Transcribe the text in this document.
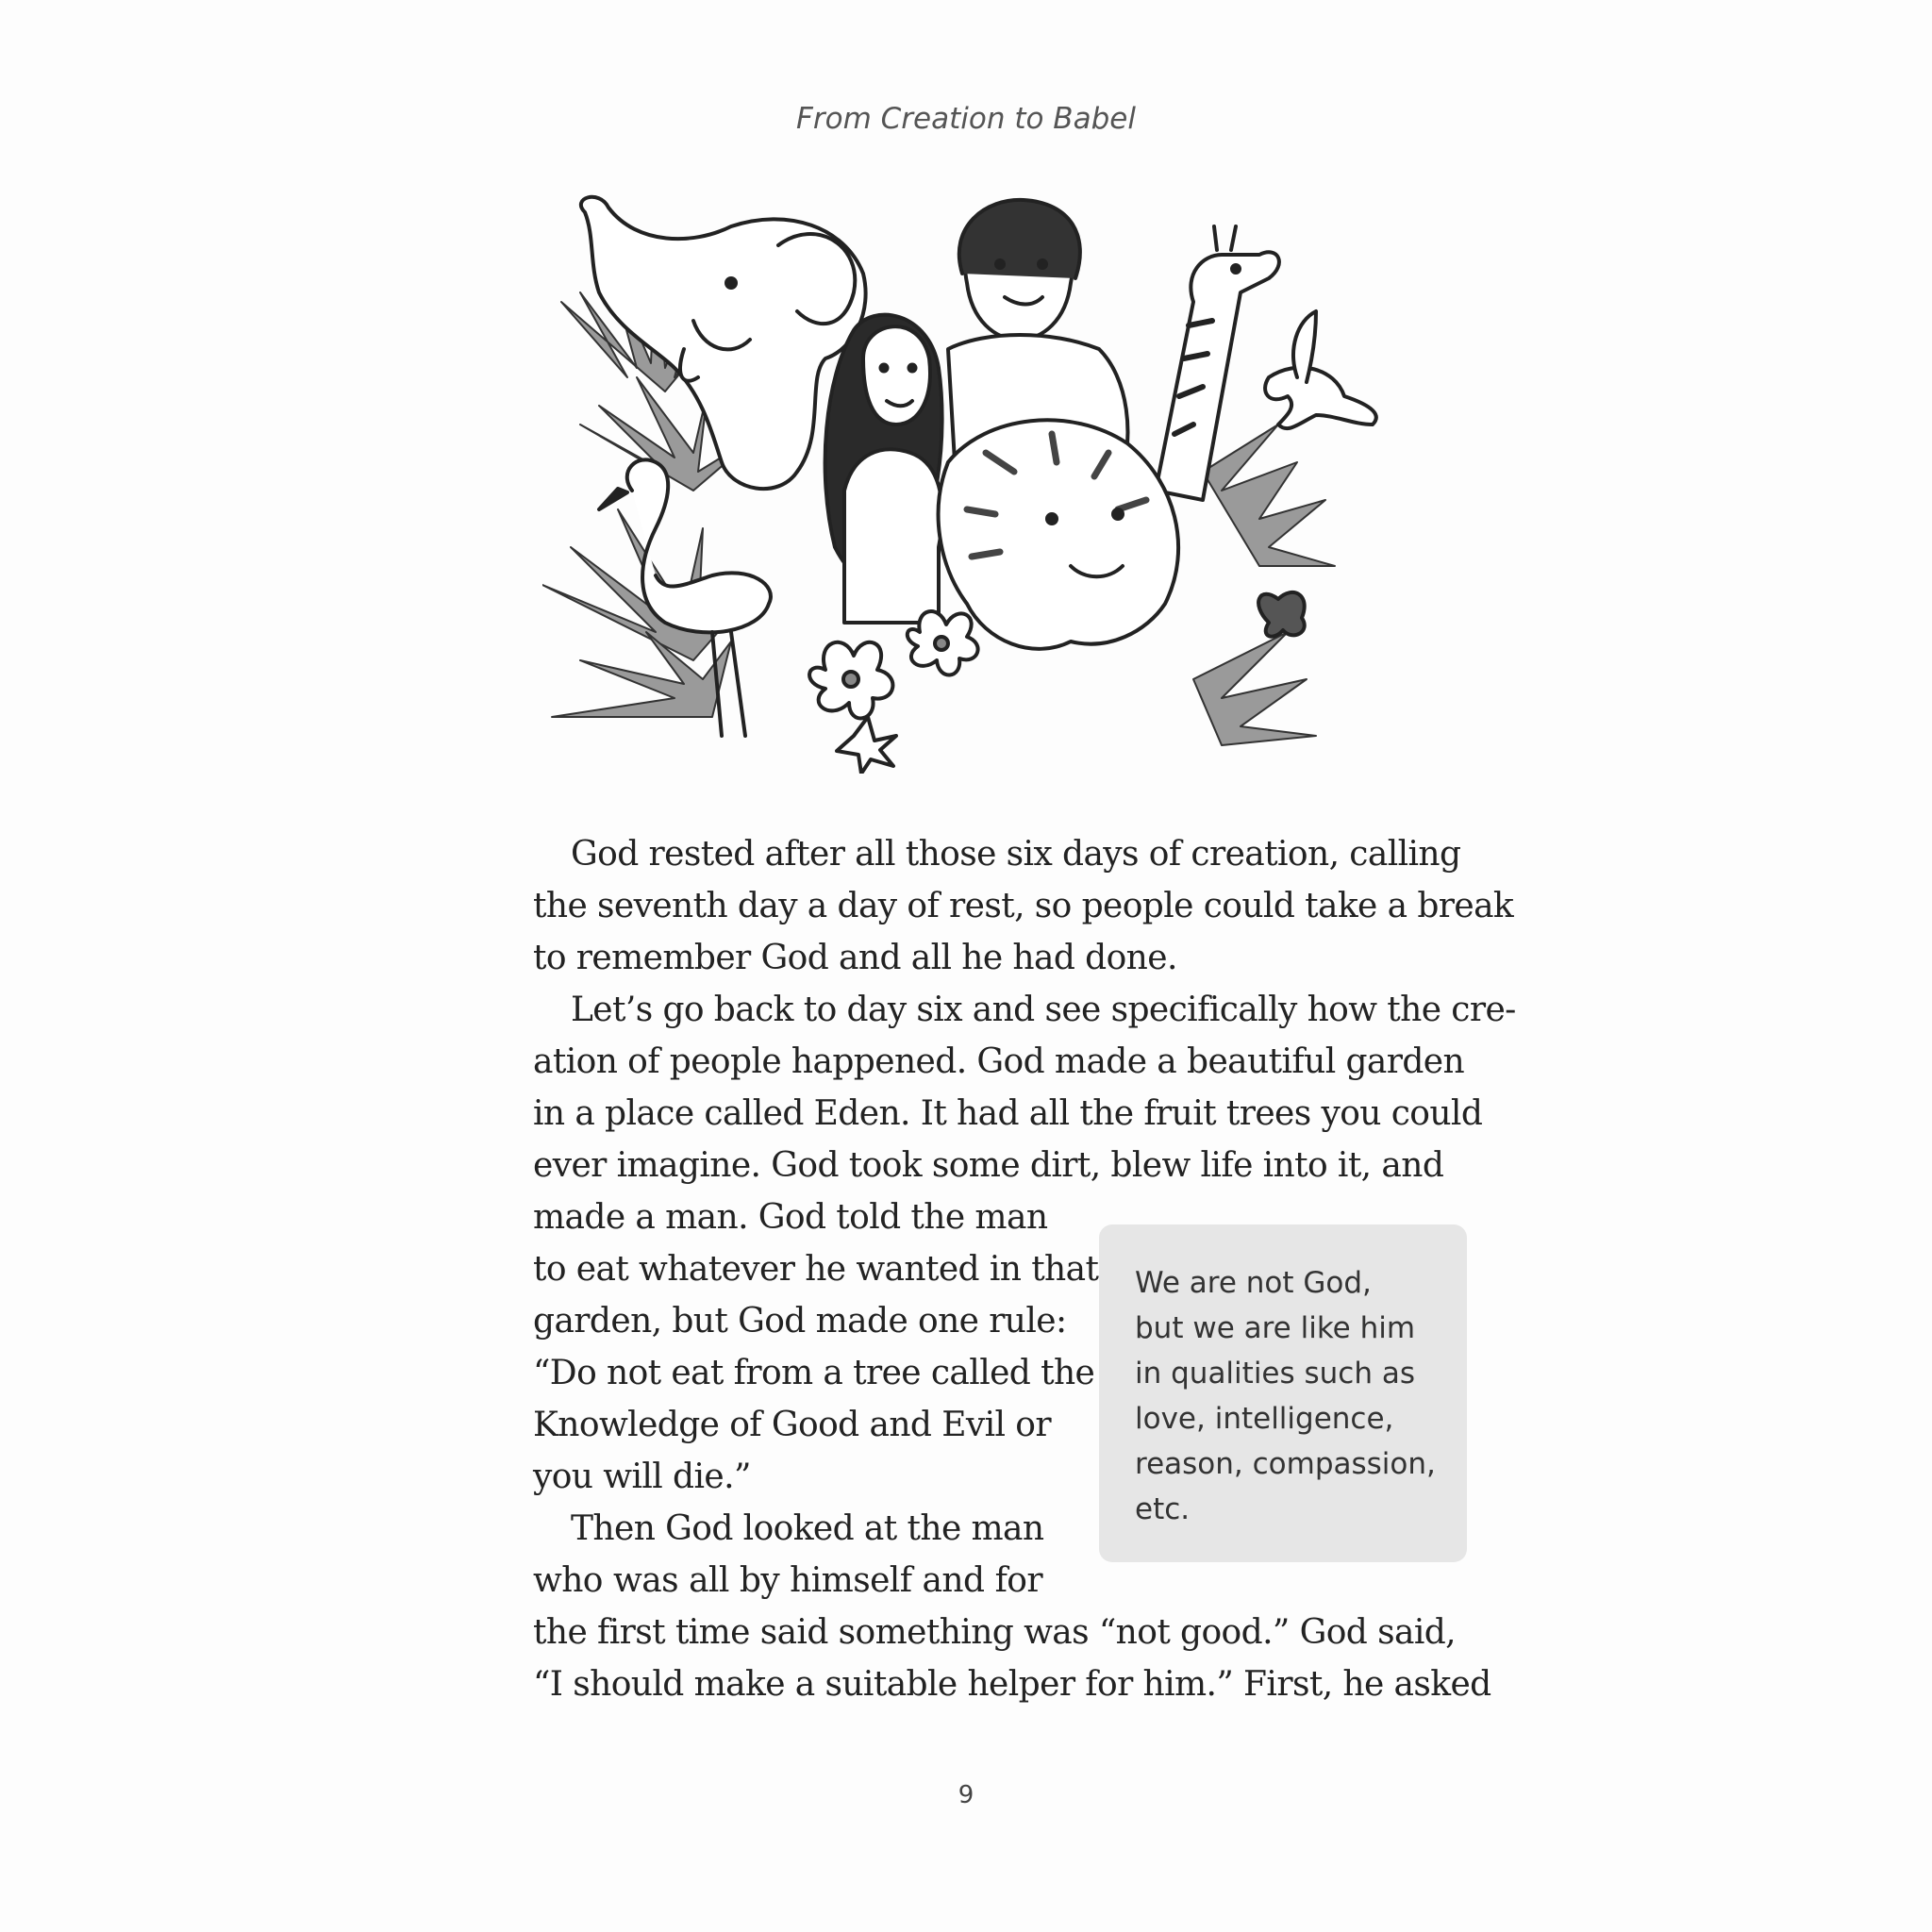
From Creation to Babel
God rested after all those six days of creation, calling
the seventh day a day of rest, so people could take a break
to remember God and all he had done.
Let’s go back to day six and see specifically how the cre-
ation of people happened. God made a beautiful garden
in a place called Eden. It had all the fruit trees you could
ever imagine. God took some dirt, blew life into it, and
made a man. God told the man
to eat whatever he wanted in that
garden, but God made one rule:
“Do not eat from a tree called the
Knowledge of Good and Evil or
you will die.”
Then God looked at the man
who was all by himself and for
the first time said something was “not good.” God said,
“I should make a suitable helper for him.” First, he asked
We are not God,
but we are like him
in qualities such as
love, intelligence,
reason, compassion,
etc.
9
